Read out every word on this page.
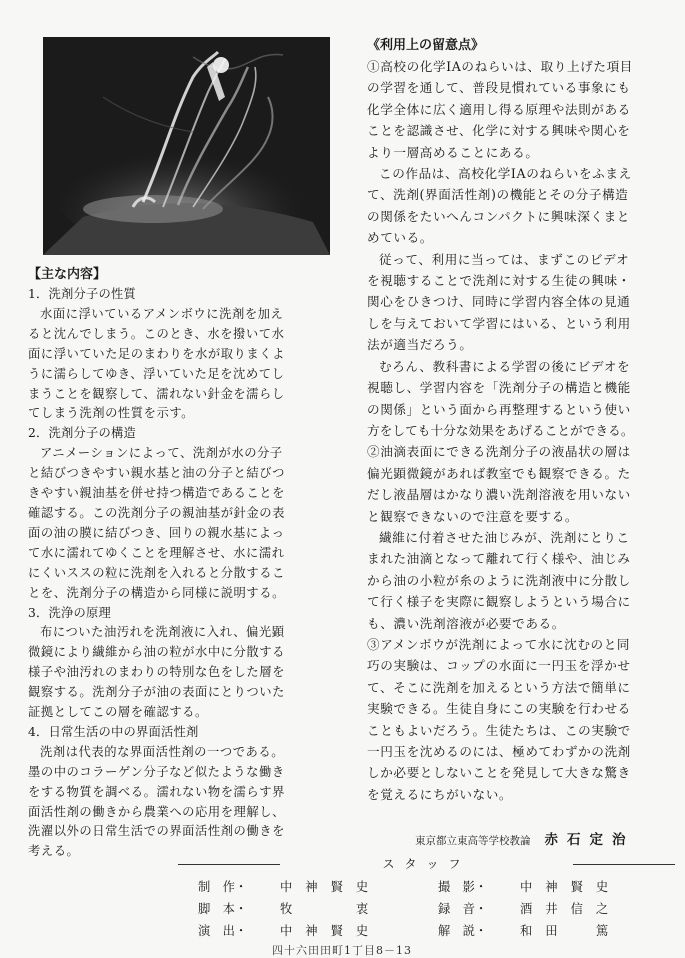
【主な内容】

1．洗剤分子の性質

水面に浮いているアメンボウに洗剤を加え

ると沈んでしまう。このとき、水を撥いて水

面に浮いていた足のまわりを水が取りまくよ

うに濡らしてゆき、浮いていた足を沈めてし

まうことを観察して、濡れない針金を濡らし

てしまう洗剤の性質を示す。

2．洗剤分子の構造

アニメーションによって、洗剤が水の分子

と結びつきやすい親水基と油の分子と結びつ

きやすい親油基を併せ持つ構造であることを

確認する。この洗剤分子の親油基が針金の表

面の油の膜に結びつき、回りの親水基によっ

て水に濡れてゆくことを理解させ、水に濡れ

にくいススの粒に洗剤を入れると分散するこ

とを、洗剤分子の構造から同様に説明する。

3．洗浄の原理

布についた油汚れを洗剤液に入れ、偏光顕

微鏡により繊維から油の粒が水中に分散する

様子や油汚れのまわりの特別な色をした層を

観察する。洗剤分子が油の表面にとりついた

証拠としてこの層を確認する。

4．日常生活の中の界面活性剤

洗剤は代表的な界面活性剤の一つである。

墨の中のコラーゲン分子など似たような働き

をする物質を調べる。濡れない物を濡らす界

面活性剤の働きから農業への応用を理解し、

洗濯以外の日常生活での界面活性剤の働きを

考える。

《利用上の留意点》

①高校の化学IAのねらいは、取り上げた項目

の学習を通して、普段見慣れている事象にも

化学全体に広く適用し得る原理や法則がある

ことを認識させ、化学に対する興味や関心を

より一層高めることにある。

この作品は、高校化学IAのねらいをふまえ

て、洗剤(界面活性剤)の機能とその分子構造

の関係をたいへんコンパクトに興味深くまと

めている。

従って、利用に当っては、まずこのビデオ

を視聴することで洗剤に対する生徒の興味・

関心をひきつけ、同時に学習内容全体の見通

しを与えておいて学習にはいる、という利用

法が適当だろう。

むろん、教科書による学習の後にビデオを

視聴し、学習内容を「洗剤分子の構造と機能

の関係」という面から再整理するという使い

方をしても十分な効果をあげることができる。

②油滴表面にできる洗剤分子の液晶状の層は

偏光顕微鏡があれば教室でも観察できる。た

だし液晶層はかなり濃い洗剤溶液を用いない

と観察できないので注意を要する。

繊維に付着させた油じみが、洗剤にとりこ

まれた油滴となって離れて行く様や、油じみ

から油の小粒が糸のように洗剤液中に分散し

て行く様子を実際に観察しようという場合に

も、濃い洗剤溶液が必要である。

③アメンボウが洗剤によって水に沈むのと同

巧の実験は、コップの水面に一円玉を浮かせ

て、そこに洗剤を加えるという方法で簡単に

実験できる。生徒自身にこの実験を行わせる

こともよいだろう。生徒たちは、この実験で

一円玉を沈めるのには、極めてわずかの洗剤

しか必要としないことを発見して大きな驚き

を覚えるにちがいない。

東京都立東高等学校教論 赤石定治
スタッフ
制　作・	中神賢史	撮　影・	中神賢史
脚　本・	牧　　衷	録　音・	酒井信之
演　出・	中神賢史	解　説・	和田　篤
四十六田田町1丁目8－13
